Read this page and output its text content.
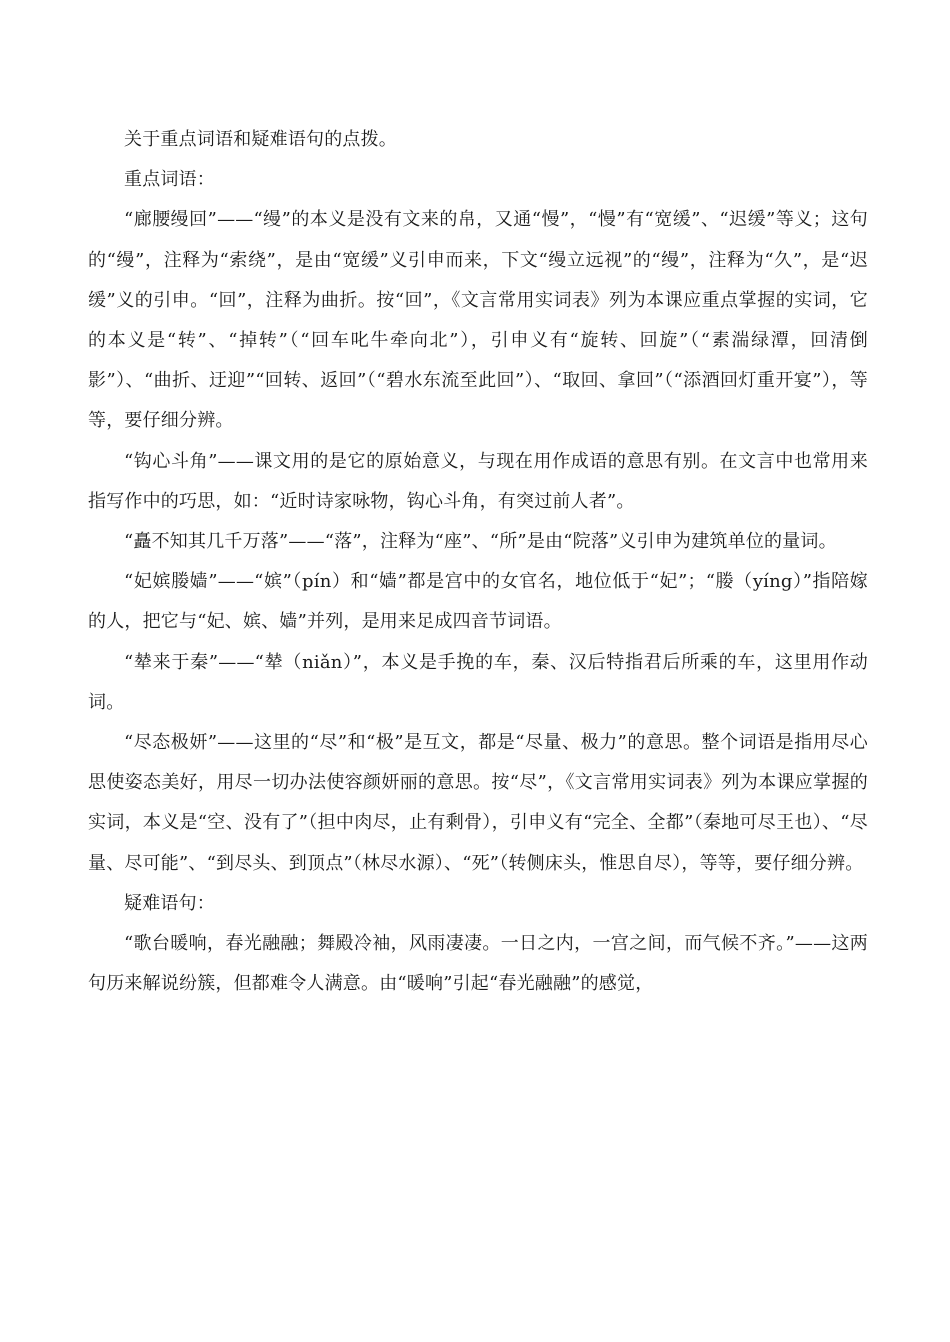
关于重点词语和疑难语句的点拨。

重点词语：

“廊腰缦回”——“缦”的本义是没有文来的帛，又通“慢”，“慢”有“宽缓”、“迟缓”等义；这句的“缦”，注释为“索绕”，是由“宽缓”义引申而来，下文“缦立远视”的“缦”，注释为“久”，是“迟缓”义的引申。“回”，注释为曲折。按“回”，《文言常用实词表》列为本课应重点掌握的实词，它的本义是“转”、“掉转”（“回车叱牛牵向北”），引申义有“旋转、回旋”（“素湍绿潭，回清倒影”）、“曲折、迂迎”“回转、返回”（“碧水东流至此回”）、“取回、拿回”（“添酒回灯重开宴”），等等，要仔细分辨。

“钩心斗角”——课文用的是它的原始意义，与现在用作成语的意思有别。在文言中也常用来指写作中的巧思，如：“近时诗家咏物，钩心斗角，有突过前人者”。

“矗不知其几千万落”——“落”，注释为“座”、“所”是由“院落”义引申为建筑单位的量词。

“妃嫔媵嫱”——“嫔”（pín）和“嫱”都是宫中的女官名，地位低于“妃”；“媵（yíng）”指陪嫁的人，把它与“妃、嫔、嫱”并列，是用来足成四音节词语。

“辇来于秦”——“辇（niǎn）”，本义是手挽的车，秦、汉后特指君后所乘的车，这里用作动词。

“尽态极妍”——这里的“尽”和“极”是互文，都是“尽量、极力”的意思。整个词语是指用尽心思使姿态美好，用尽一切办法使容颜妍丽的意思。按“尽”，《文言常用实词表》列为本课应掌握的实词，本义是“空、没有了”（担中肉尽，止有剩骨），引申义有“完全、全都”（秦地可尽王也）、“尽量、尽可能”、“到尽头、到顶点”（林尽水源）、“死”（转侧床头，惟思自尽），等等，要仔细分辨。

疑难语句：

“歌台暖响，春光融融；舞殿冷袖，风雨凄凄。一日之内，一宫之间，而气候不齐。”——这两句历来解说纷簇，但都难令人满意。由“暖响”引起“春光融融”的感觉，
